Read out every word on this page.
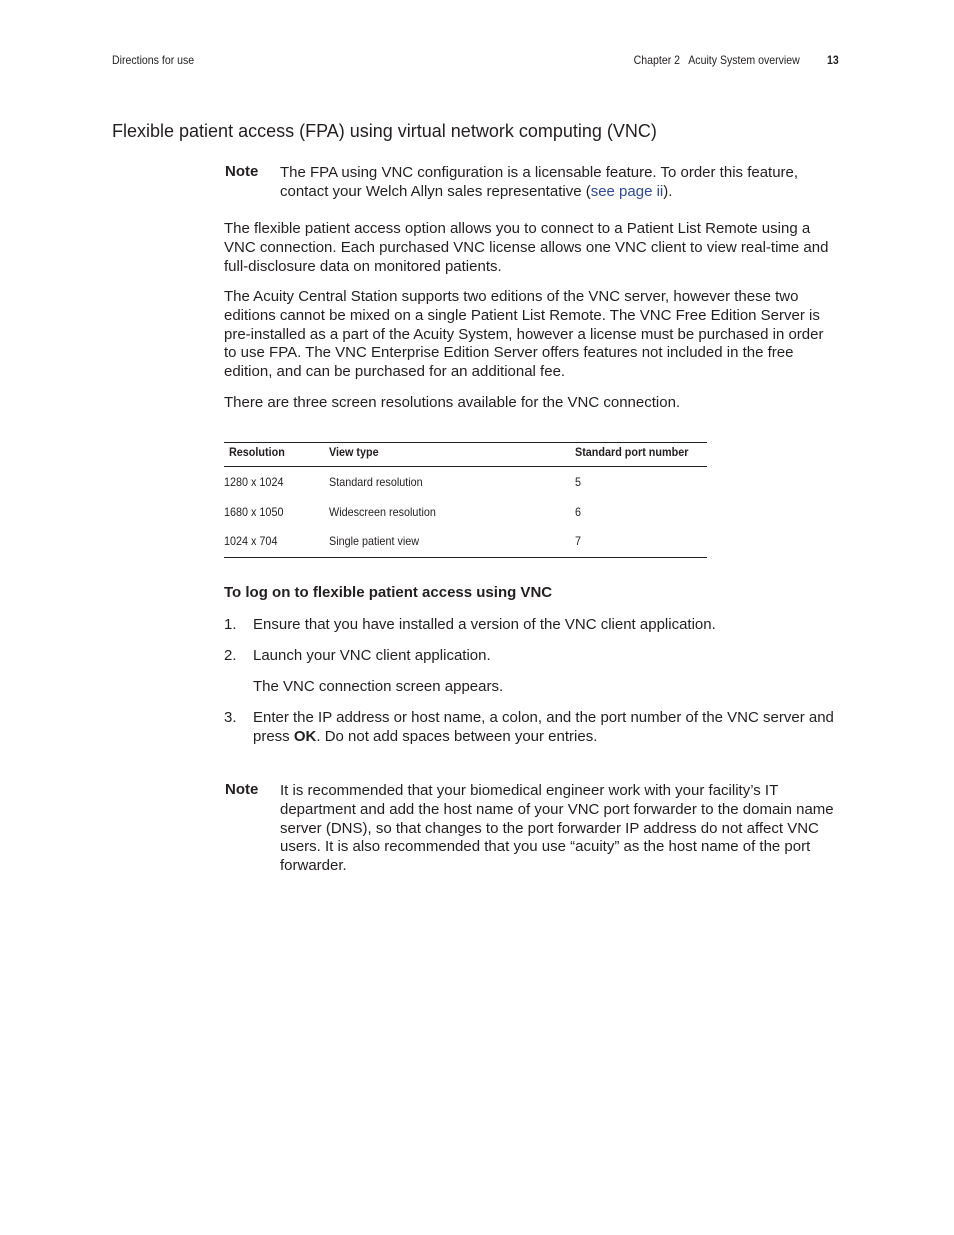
Directions for use	Chapter 2 Acuity System overview 13
Flexible patient access (FPA) using virtual network computing (VNC)
Note The FPA using VNC configuration is a licensable feature. To order this feature, contact your Welch Allyn sales representative (see page ii).

The flexible patient access option allows you to connect to a Patient List Remote using a VNC connection. Each purchased VNC license allows one VNC client to view real-time and full-disclosure data on monitored patients.

The Acuity Central Station supports two editions of the VNC server, however these two editions cannot be mixed on a single Patient List Remote. The VNC Free Edition Server is pre-installed as a part of the Acuity System, however a license must be purchased in order to use FPA. The VNC Enterprise Edition Server offers features not included in the free edition, and can be purchased for an additional fee.

There are three screen resolutions available for the VNC connection.

Resolution	View type	Standard port number

1280 x 1024	Standard resolution	5
1680 x 1050	Widescreen resolution	6
1024 x 704	Single patient view	7
To log on to flexible patient access using VNC
1. Ensure that you have installed a version of the VNC client application.

2. Launch your VNC client application.

The VNC connection screen appears.

3. Enter the IP address or host name, a colon, and the port number of the VNC server and press OK. Do not add spaces between your entries.

Note It is recommended that your biomedical engineer work with your facility’s IT department and add the host name of your VNC port forwarder to the domain name server (DNS), so that changes to the port forwarder IP address do not affect VNC users. It is also recommended that you use “acuity” as the host name of the port forwarder.
